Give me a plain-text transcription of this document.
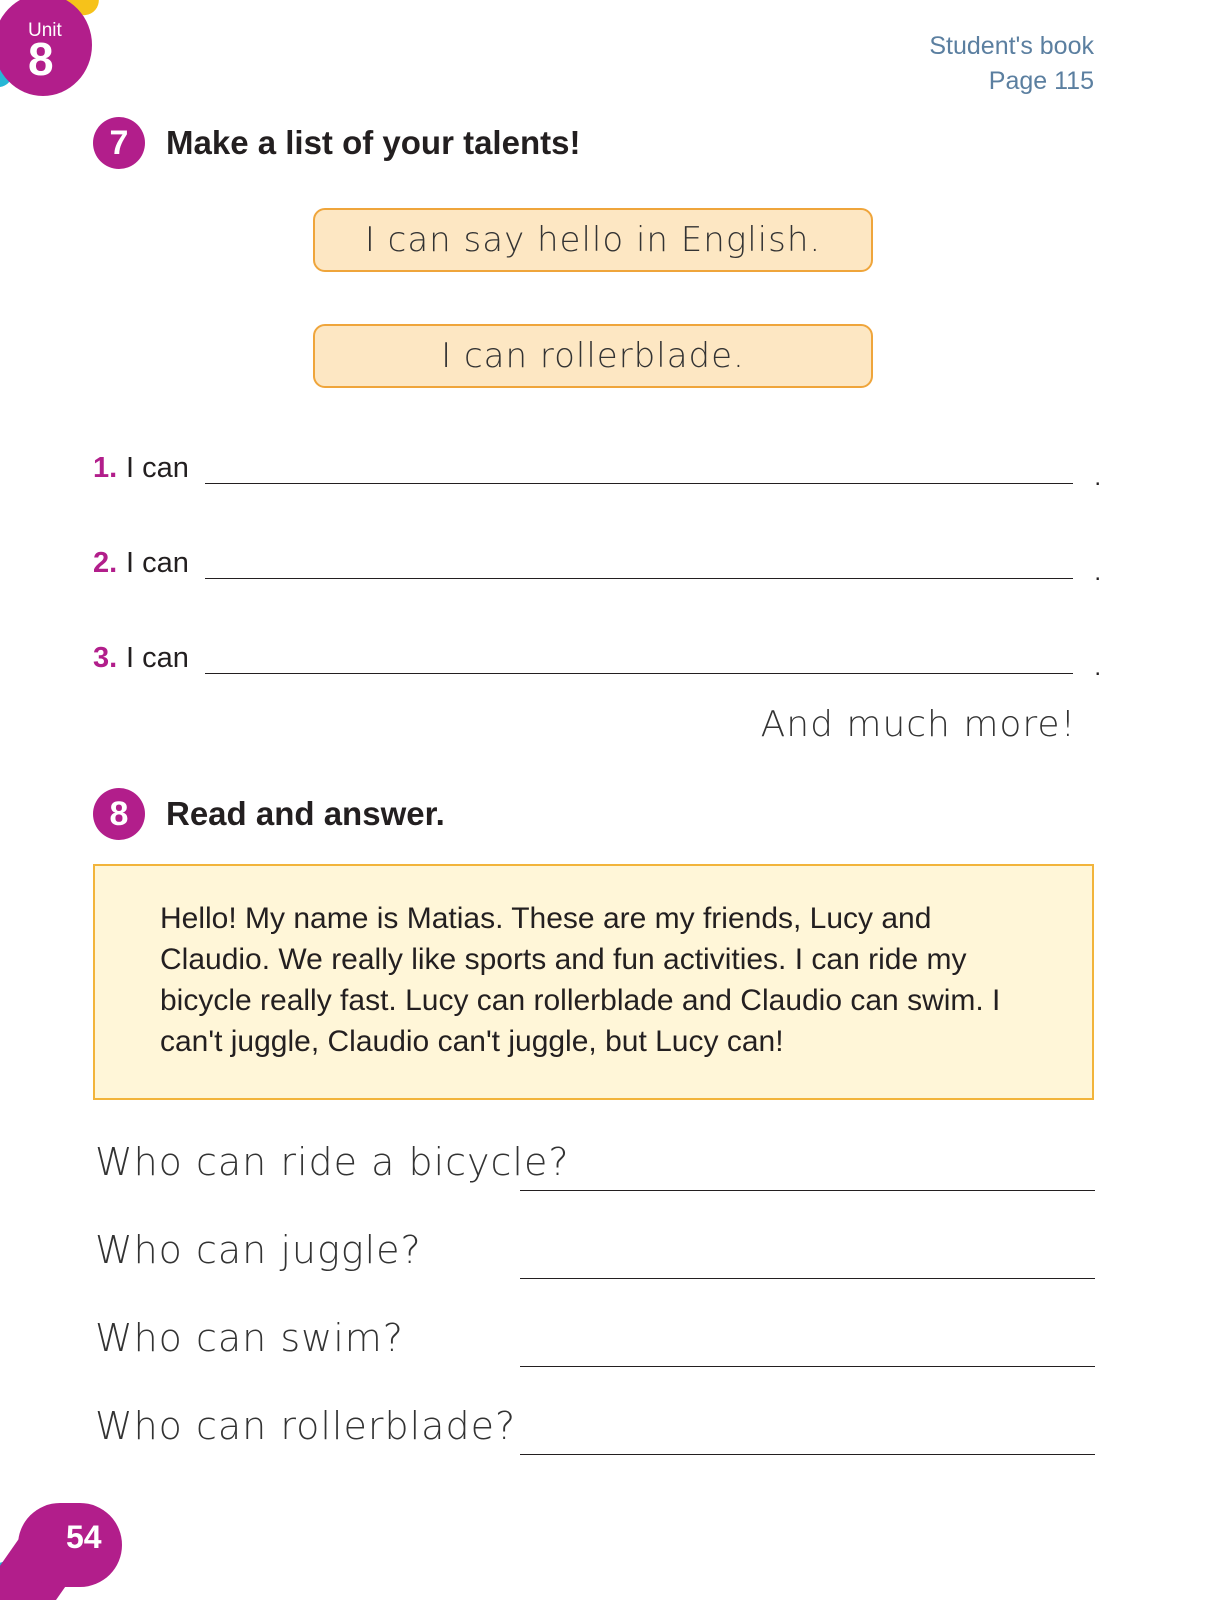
Unit
8	Student's book
Page 115
7	Make a list of your talents!
I can say hello in English.
I can rollerblade.
1. I can	.
2. I can	.
3. I can	.
And much more!
8	Read and answer.
Hello! My name is Matias. These are my friends, Lucy and Claudio. We really like sports and fun activities. I can ride my bicycle really fast. Lucy can rollerblade and Claudio can swim. I can't juggle, Claudio can't juggle, but Lucy can!
Who can ride a bicycle?
Who can juggle?
Who can swim?
Who can rollerblade?
54
